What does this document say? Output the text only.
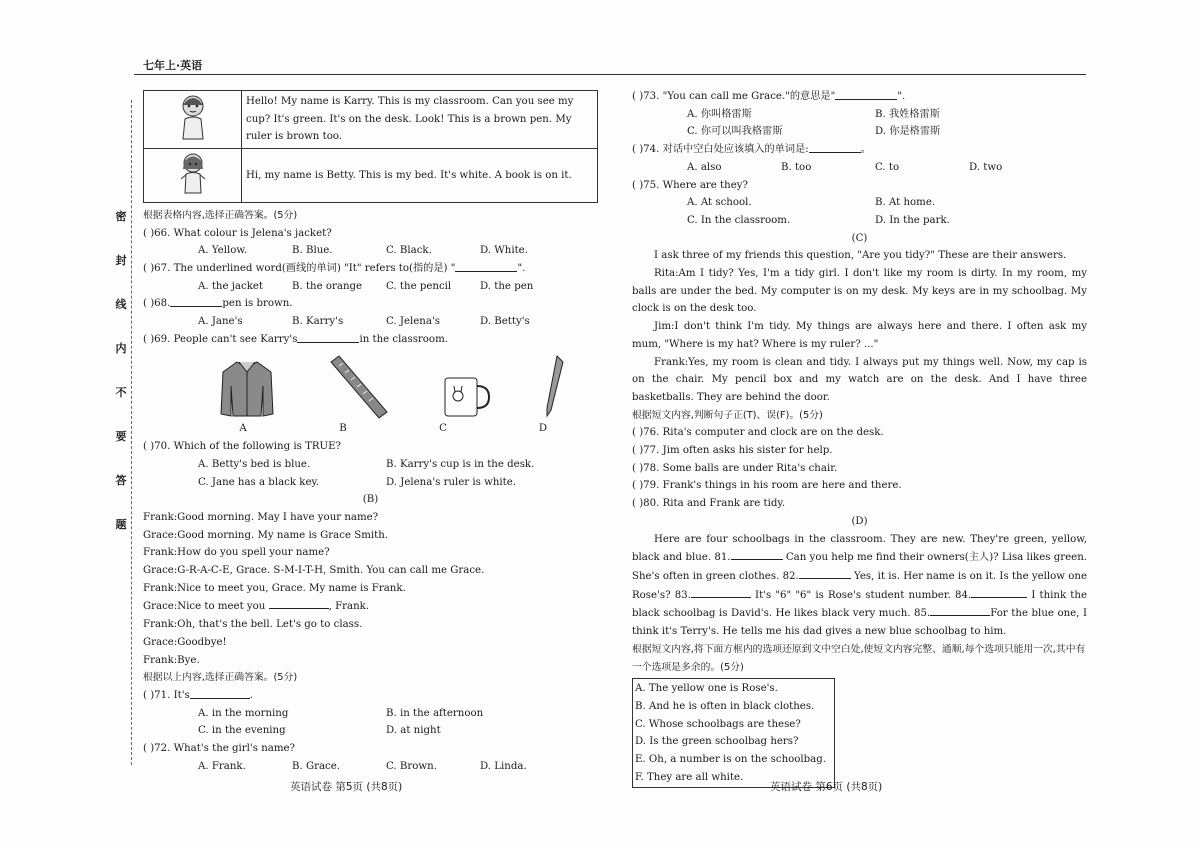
七年上·英语
密
封
线
内
不
要
答
题
	Hello! My name is Karry. This is my classroom. Can you see my cup? It's green. It's on the desk. Look! This is a brown pen. My ruler is brown too.
	Hi, my name is Betty. This is my bed. It's white. A book is on it.
根据表格内容,选择正确答案。(5分)
( )66. What colour is Jelena's jacket?
A. Yellow.	B. Blue.	C. Black.	D. White.
( )67. The underlined word(画线的单词) "It" refers to(指的是) "	".
A. the jacket	B. the orange	C. the pencil	D. the pen
( )68.	pen is brown.
A. Jane's	B. Karry's	C. Jelena's	D. Betty's
( )69. People can't see Karry's	in the classroom.
A	B	C	D
( )70. Which of the following is TRUE?
A. Betty's bed is blue.	B. Karry's cup is in the desk.
C. Jane has a black key.	D. Jelena's ruler is white.
(B)
Frank:Good morning. May I have your name?
Grace:Good morning. My name is Grace Smith.
Frank:How do you spell your name?
Grace:G-R-A-C-E, Grace. S-M-I-T-H, Smith. You can call me Grace.
Frank:Nice to meet you, Grace. My name is Frank.
Grace:Nice to meet you	, Frank.
Frank:Oh, that's the bell. Let's go to class.
Grace:Goodbye!
Frank:Bye.
根据以上内容,选择正确答案。(5分)
( )71. It's	.
A. in the morning	B. in the afternoon
C. in the evening	D. at night
( )72. What's the girl's name?
A. Frank.	B. Grace.	C. Brown.	D. Linda.
( )73. "You can call me Grace."的意思是"	".
A. 你叫格雷斯	B. 我姓格雷斯
C. 你可以叫我格雷斯	D. 你是格雷斯
( )74. 对话中空白处应该填入的单词是:	。
A. also	B. too	C. to	D. two
( )75. Where are they?
A. At school.	B. At home.
C. In the classroom.	D. In the park.
(C)
I ask three of my friends this question, "Are you tidy?" These are their answers.
Rita:Am I tidy? Yes, I'm a tidy girl. I don't like my room is dirty. In my room, my balls are under the bed. My computer is on my desk. My keys are in my schoolbag. My clock is on the desk too.
Jim:I don't think I'm tidy. My things are always here and there. I often ask my mum, "Where is my hat? Where is my ruler? ..."
Frank:Yes, my room is clean and tidy. I always put my things well. Now, my cap is on the chair. My pencil box and my watch are on the desk. And I have three basketballs. They are behind the door.
根据短文内容,判断句子正(T)、误(F)。(5分)
( )76. Rita's computer and clock are on the desk.
( )77. Jim often asks his sister for help.
( )78. Some balls are under Rita's chair.
( )79. Frank's things in his room are here and there.
( )80. Rita and Frank are tidy.
(D)
Here are four schoolbags in the classroom. They are new. They're green, yellow, black and blue. 81.	Can you help me find their owners(主人)? Lisa likes green. She's often in green clothes. 82.	Yes, it is. Her name is on it. Is the yellow one Rose's? 83.	It's "6" "6" is Rose's student number. 84.	I think the black schoolbag is David's. He likes black very much. 85.	For the blue one, I think it's Terry's. He tells me his dad gives a new blue schoolbag to him.
根据短文内容,将下面方框内的选项还原到文中空白处,使短文内容完整、通顺,每个选项只能用一次,其中有一个选项是多余的。(5分)
A. The yellow one is Rose's.
B. And he is often in black clothes.
C. Whose schoolbags are these?
D. Is the green schoolbag hers?
E. Oh, a number is on the schoolbag.
F. They are all white.
英语试卷 第5页 (共8页)	英语试卷 第6页 (共8页)
